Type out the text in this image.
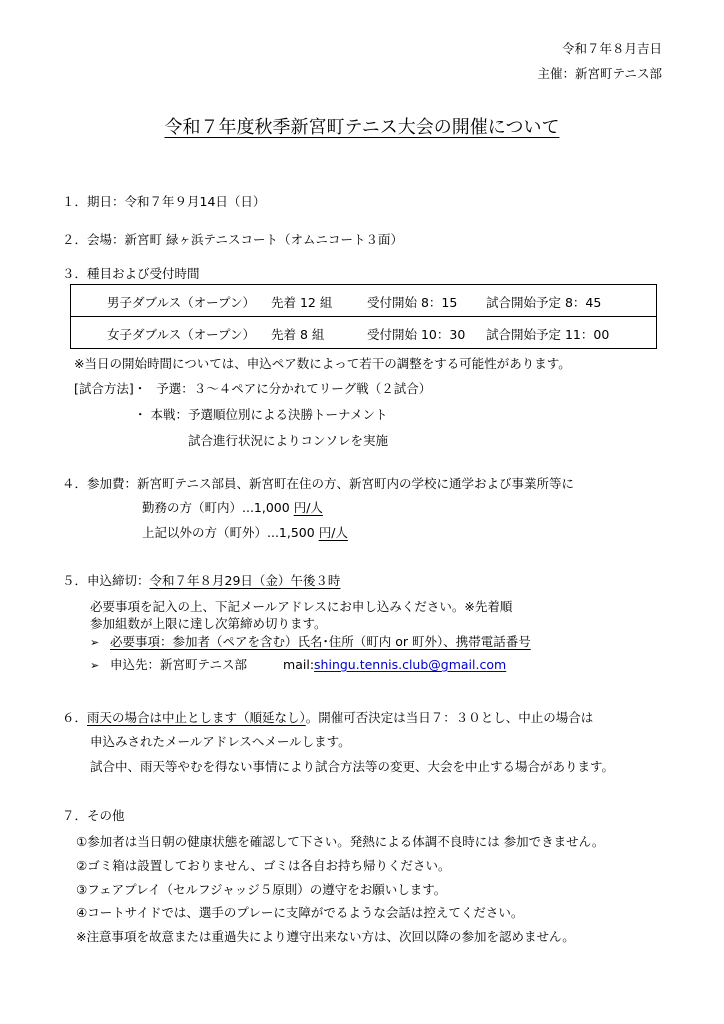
令和７年８月吉日
主催：新宮町テニス部
令和７年度秋季新宮町テニス大会の開催について
１．期日：令和７年９月14日（日）
２．会場：新宮町 緑ヶ浜テニスコート（オムニコート３面）
３．種目および受付時間
男子ダブルス（オープン） 先着 12 組	受付開始 8：15 試合開始予定 8：45

女子ダブルス（オープン） 先着 8 組	受付開始 10：30 試合開始予定 11：00
※当日の開始時間については、申込ペア数によって若干の調整をする可能性があります。
[試合方法]・ 予選：３～４ペアに分かれてリーグ戦（２試合）
・ 本戦：予選順位別による決勝トーナメント
試合進行状況によりコンソレを実施
４．参加費：新宮町テニス部員、新宮町在住の方、新宮町内の学校に通学および事業所等に
勤務の方（町内）...1,000 円/人
上記以外の方（町外）...1,500 円/人
５．申込締切：令和７年８月29日（金）午後３時
必要事項を記入の上、下記メールアドレスにお申し込みください。※先着順
参加組数が上限に達し次第締め切ります。
➢ 必要事項：参加者（ペアを含む）氏名･住所（町内 or 町外）、携帯電話番号
➢ 申込先：新宮町テニス部	mail:shingu.tennis.club@gmail.com
６．雨天の場合は中止とします（順延なし）。開催可否決定は当日７：３０とし、中止の場合は
申込みされたメールアドレスへメールします。
試合中、雨天等やむを得ない事情により試合方法等の変更、大会を中止する場合があります。
７．その他
①参加者は当日朝の健康状態を確認して下さい。発熱による体調不良時には 参加できません。
②ゴミ箱は設置しておりません、ゴミは各自お持ち帰りください。
③フェアプレイ（セルフジャッジ５原則）の遵守をお願いします。
④コートサイドでは、選手のプレーに支障がでるような会話は控えてください。
※注意事項を故意または重過失により遵守出来ない方は、次回以降の参加を認めません。
